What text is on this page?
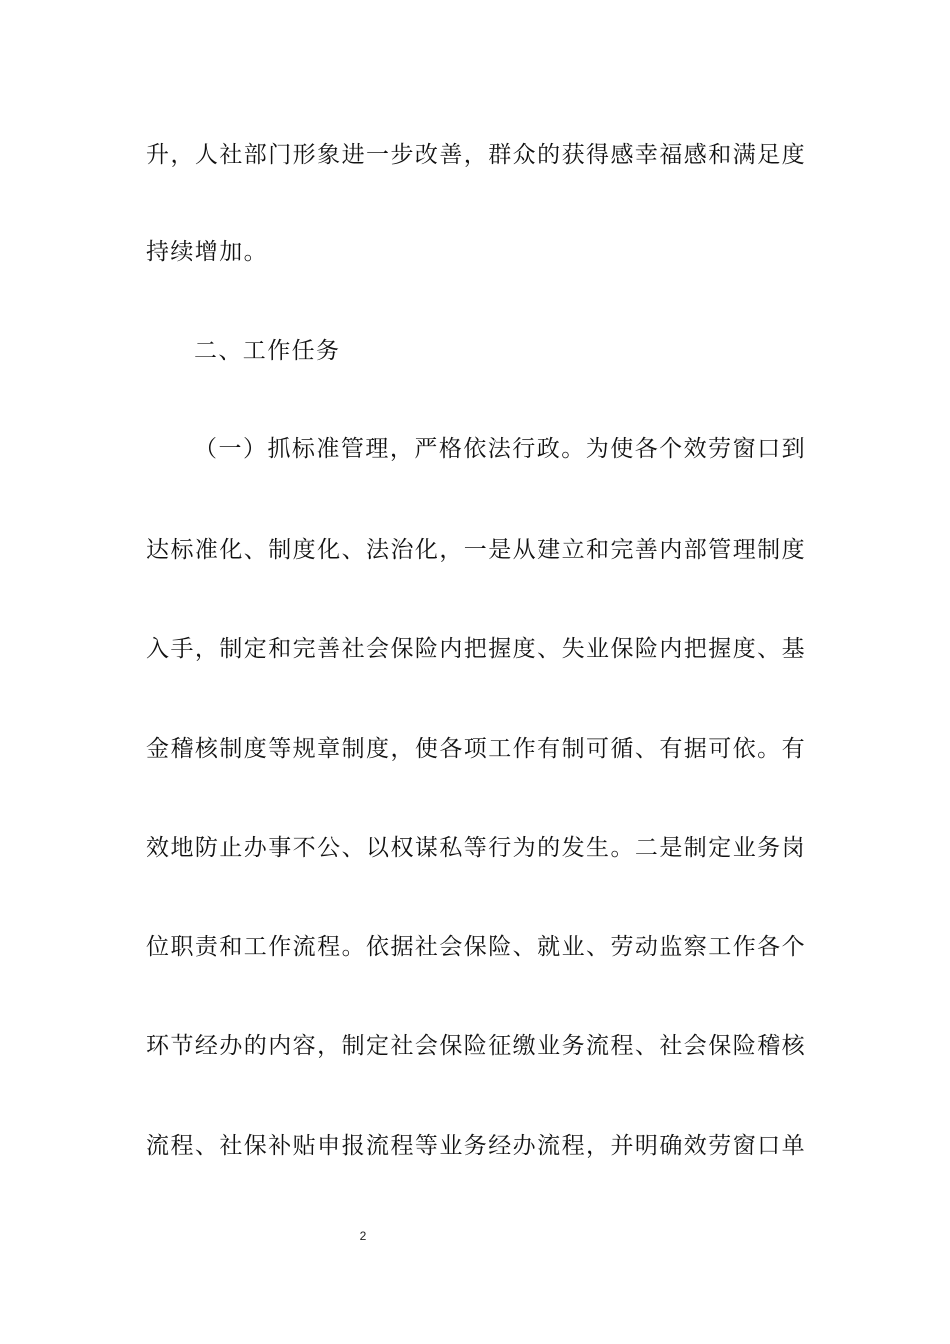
升，人社部门形象进一步改善，群众的获得感幸福感和满足度
持续增加。
二、工作任务
（一）抓标准管理，严格依法行政。为使各个效劳窗口到
达标准化、制度化、法治化，一是从建立和完善内部管理制度
入手，制定和完善社会保险内把握度、失业保险内把握度、基
金稽核制度等规章制度，使各项工作有制可循、有据可依。有
效地防止办事不公、以权谋私等行为的发生。二是制定业务岗
位职责和工作流程。依据社会保险、就业、劳动监察工作各个
环节经办的内容，制定社会保险征缴业务流程、社会保险稽核
流程、社保补贴申报流程等业务经办流程，并明确效劳窗口单
2
